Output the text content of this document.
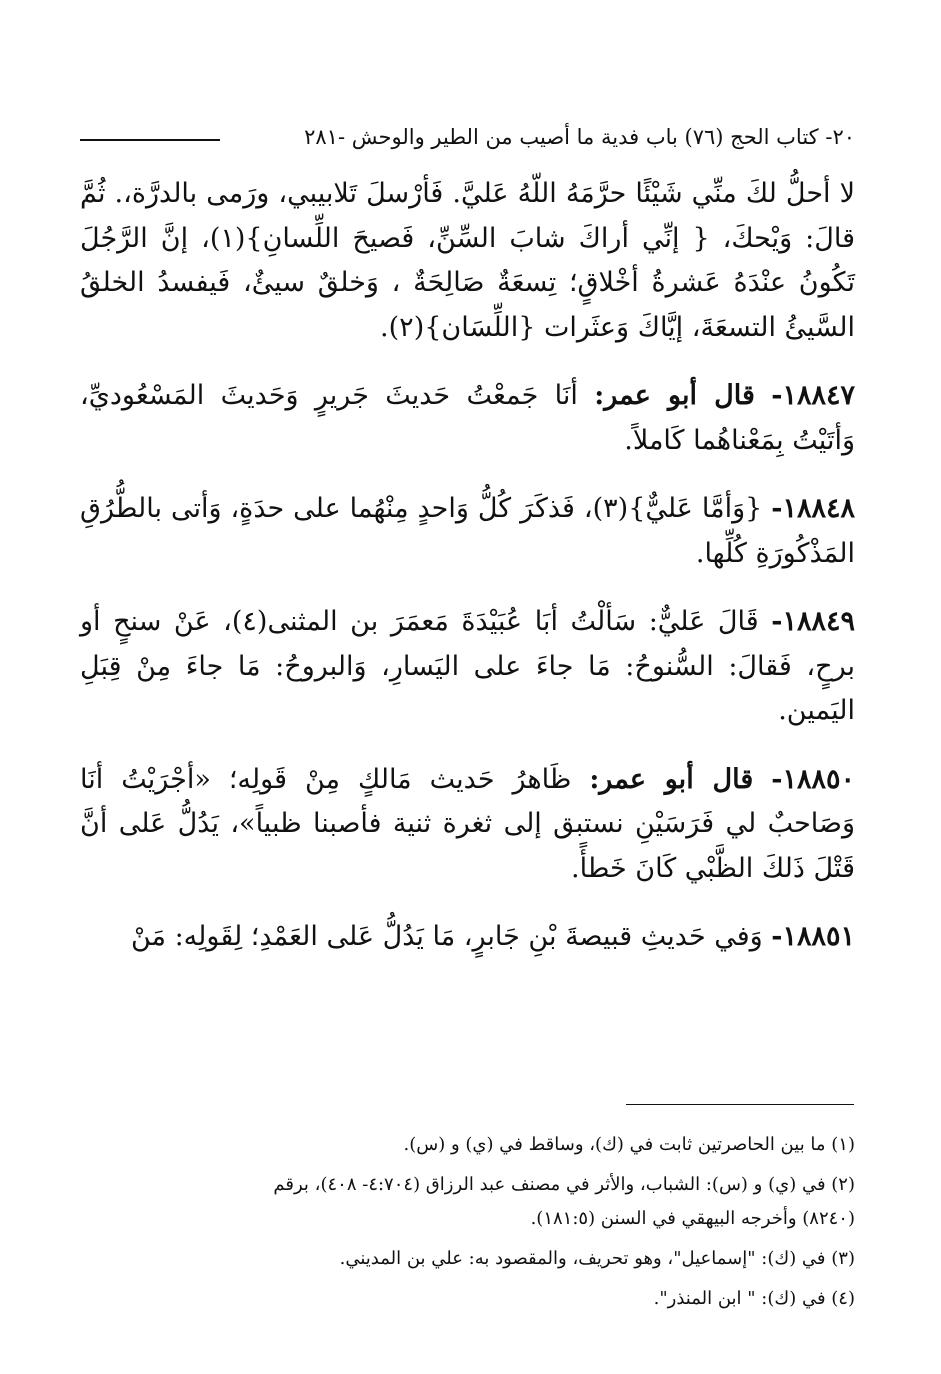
٢٠- كتاب الحج (٧٦) باب فدية ما أصيب من الطير والوحش -٢٨١

لا أحلُّ لكَ منِّي شَيْئًا حرَّمَهُ اللّهُ عَليَّ. فَأرْسلَ تَلابيبي، ورَمى بالدرَّة،. ثُمَّ قالَ: وَيْحكَ، { إنِّي أراكَ شابَ السِّنِّ، فَصيحَ اللِّسانِ}(١)، إنَّ الرَّجُلَ تَكُونُ عنْدَهُ عَشرةُ أخْلاقٍ؛ تِسعَةٌ صَالِحَةٌ ، وَخلقٌ سيئٌ، فَيفسدُ الخلقُ السَّيئُ التسعَةَ، إيَّاكَ وَعثَرات {اللِّسَان}(٢).

١٨٨٤٧- قال أبو عمر: أنَا جَمعْتُ حَديثَ جَريرٍ وَحَديثَ المَسْعُوديِّ، وَأتَيْتُ بِمَعْناهُما كَاملاً.

١٨٨٤٨- {وَأمَّا عَليٌّ}(٣)، فَذكَرَ كُلُّ وَاحدٍ مِنْهُما على حدَةٍ، وَأتى بالطُّرُقِ المَذْكُورَةِ كُلِّها.

١٨٨٤٩- قَالَ عَليٌّ: سَألْتُ أبَا عُبَيْدَةَ مَعمَرَ بن المثنى(٤)، عَنْ سنحٍ أو برحٍ، فَقالَ: السُّنوحُ: مَا جاءَ على اليَسارِ، وَالبروحُ: مَا جاءَ مِنْ قِبَلِ اليَمين.

١٨٨٥٠- قال أبو عمر: ظَاهرُ حَديث مَالكٍ مِنْ قَولِه؛ «أجْرَيْتُ أنَا وَصَاحبٌ لي فَرَسَيْنِ نستبق إلى ثغرة ثنية فأصبنا ظبياً»، يَدُلُّ عَلى أنَّ قَتْلَ ذَلكَ الظَّبْي كَانَ خَطأً.

١٨٨٥١- وَفي حَديثِ قبيصةَ بْنِ جَابرٍ، مَا يَدُلُّ عَلى العَمْدِ؛ لِقَولِه: مَنْ

(١) ما بين الحاصرتين ثابت في (ك)، وساقط في (ي) و (س).

(٢) في (ي) و (س): الشباب، والأثر في مصنف عبد الرزاق (٤:٧٠٤- ٤٠٨)، برقم
(٨٢٤٠) وأخرجه البيهقي في السنن (١٨١:٥).

(٣) في (ك): "إسماعيل"، وهو تحريف، والمقصود به: علي بن المديني.

(٤) في (ك): " ابن المنذر".
